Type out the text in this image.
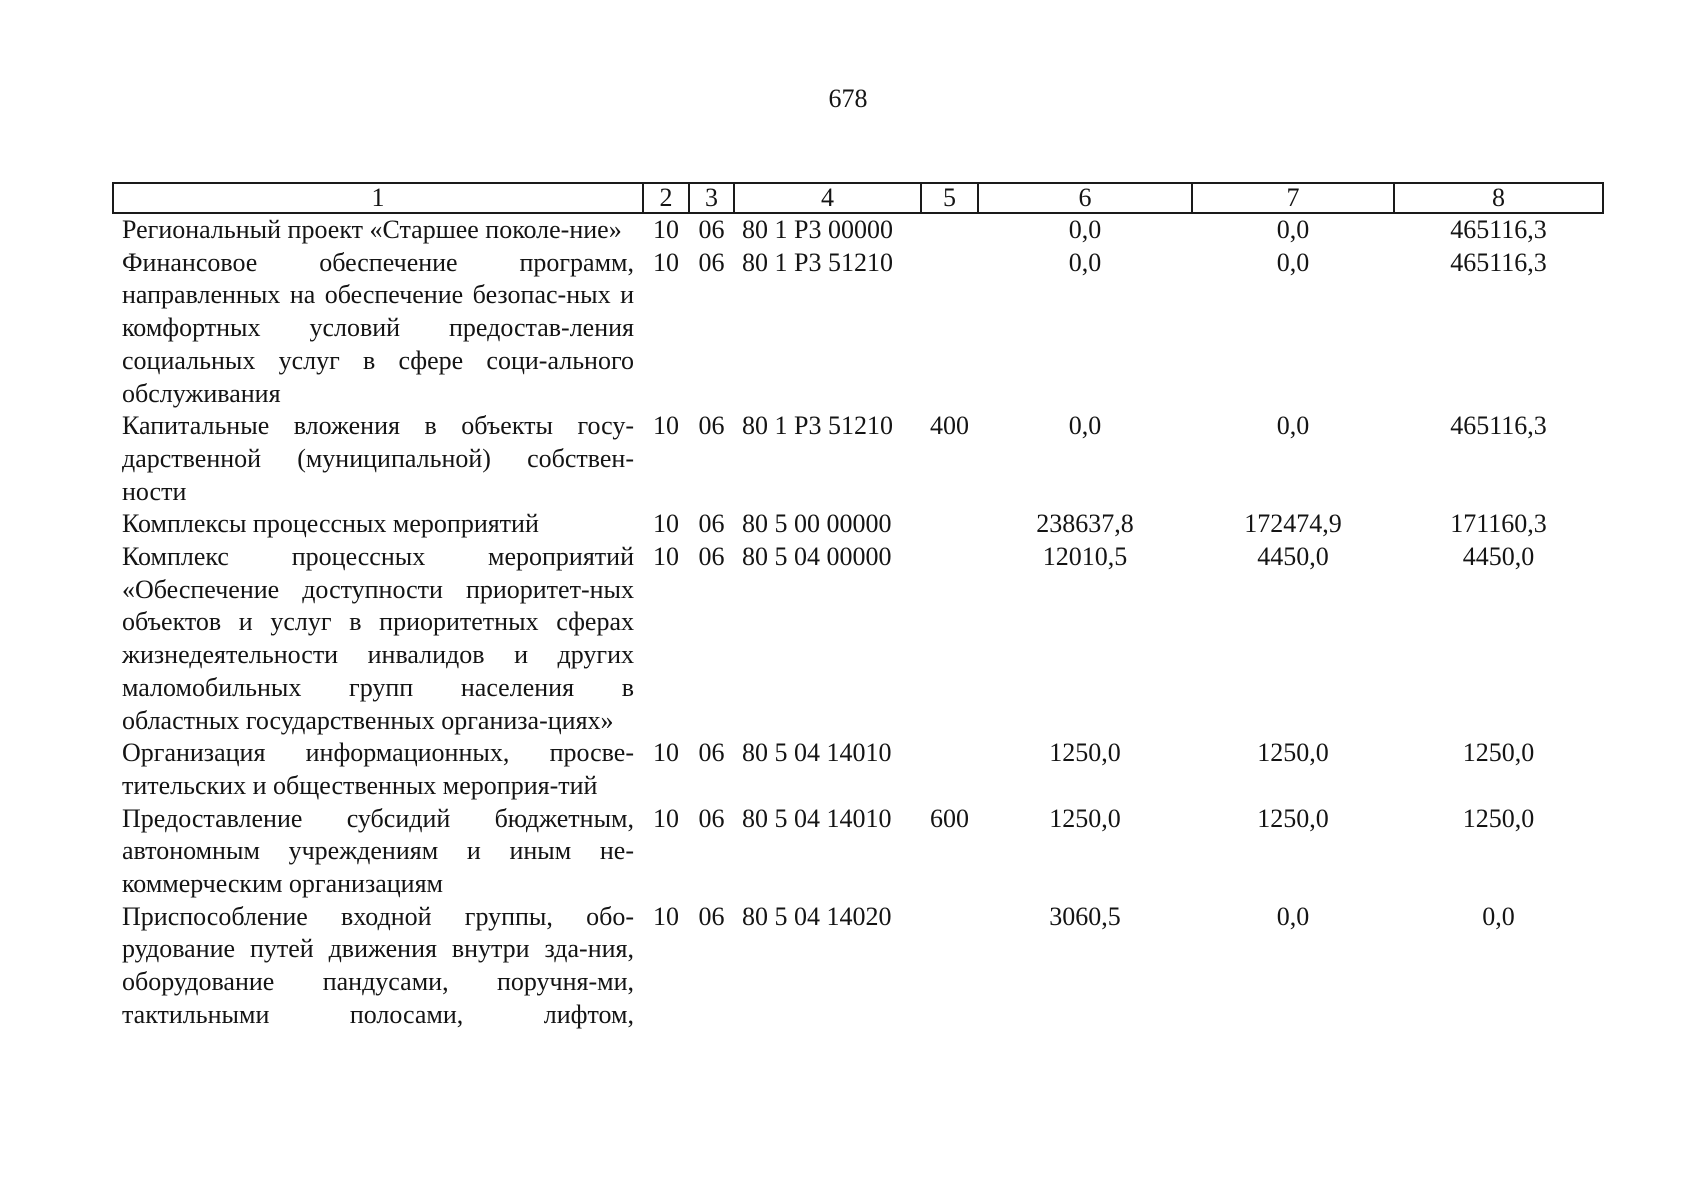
678
1	2	3	4	5	6	7	8
Региональный проект «Старшее поколе-ние»	10	06	80 1 P3 00000		0,0	0,0	465116,3
Финансовое обеспечение программ, направленных на обеспечение безопас-ных и комфортных условий предостав-ления социальных услуг в сфере соци-ального обслуживания	10	06	80 1 P3 51210		0,0	0,0	465116,3
Капитальные вложения в объекты госу-дарственной (муниципальной) собствен-ности	10	06	80 1 P3 51210	400	0,0	0,0	465116,3
Комплексы процессных мероприятий	10	06	80 5 00 00000		238637,8	172474,9	171160,3
Комплекс процессных мероприятий «Обеспечение доступности приоритет-ных объектов и услуг в приоритетных сферах жизнедеятельности инвалидов и других маломобильных групп населения в областных государственных организа-циях»	10	06	80 5 04 00000		12010,5	4450,0	4450,0
Организация информационных, просве-тительских и общественных мероприя-тий	10	06	80 5 04 14010		1250,0	1250,0	1250,0
Предоставление субсидий бюджетным, автономным учреждениям и иным не-коммерческим организациям	10	06	80 5 04 14010	600	1250,0	1250,0	1250,0
Приспособление входной группы, обо-рудование путей движения внутри зда-ния, оборудование пандусами, поручня-ми, тактильными полосами, лифтом,	10	06	80 5 04 14020		3060,5	0,0	0,0
